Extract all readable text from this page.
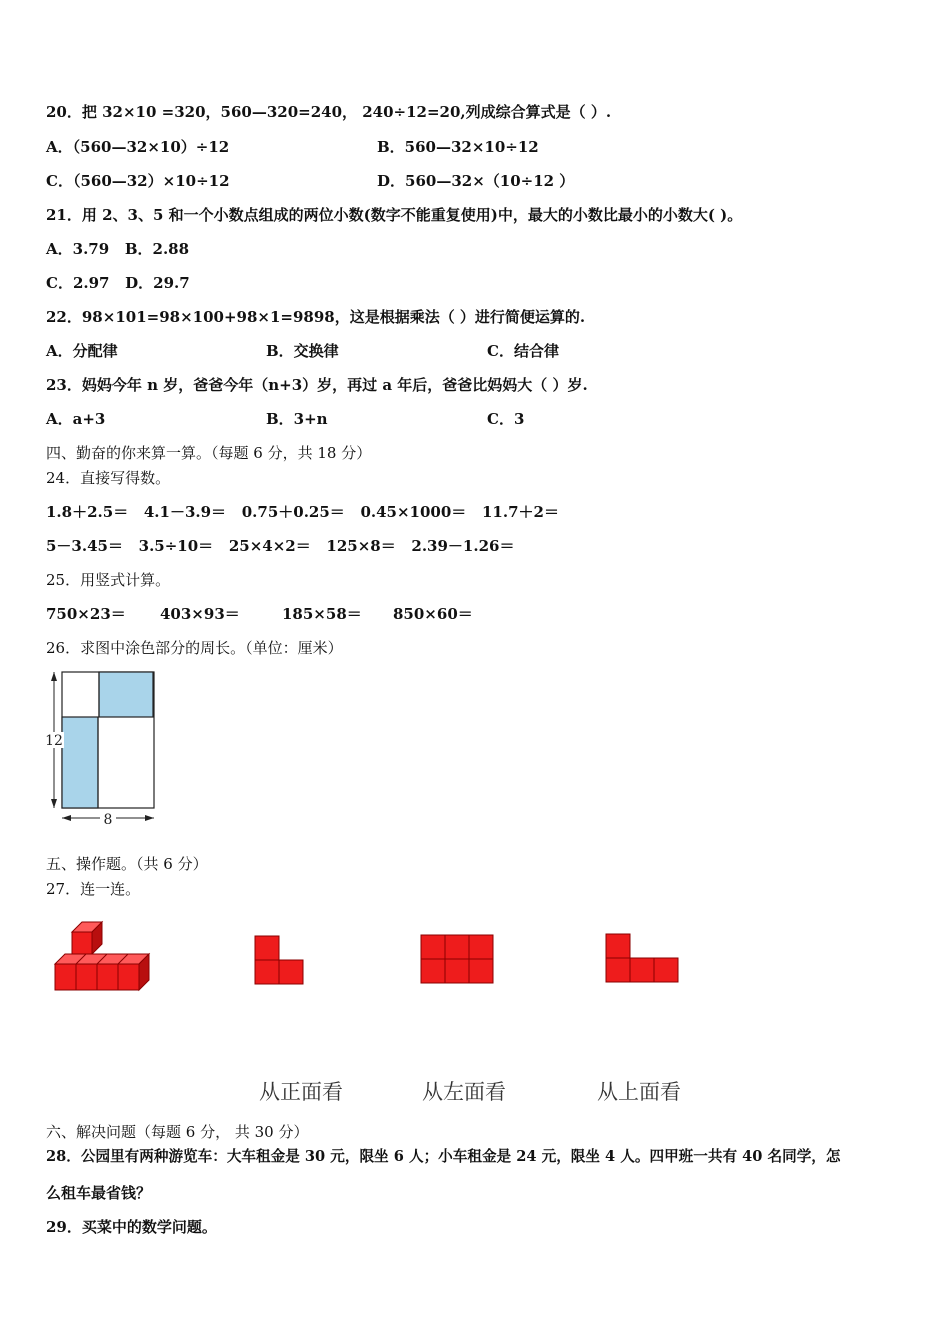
20．把 32×10 =320，560—320=240， 240÷12=20,列成综合算式是（ ）.
A．（560—32×10）÷12	B．560—32×10÷12
C．（560—32）×10÷12	D．560—32×（10÷12 ）
21．用 2、3、5 和一个小数点组成的两位小数(数字不能重复使用)中，最大的小数比最小的小数大( )。
A．3.79   B．2.88
C．2.97   D．29.7
22．98×101=98×100+98×1=9898，这是根据乘法（ ）进行简便运算的.
A．分配律	B．交换律	C．结合律
23．妈妈今年 n 岁，爸爸今年（n+3）岁，再过 a 年后，爸爸比妈妈大（ ）岁.
A．a+3	B．3+n	C．3
四、勤奋的你来算一算。（每题 6 分，共 18 分）
24．直接写得数。
1.8＋2.5＝   4.1－3.9＝   0.75＋0.25＝   0.45×1000＝   11.7＋2＝
5－3.45＝   3.5÷10＝   25×4×2＝   125×8＝   2.39－1.26＝
25．用竖式计算。
750×23＝ 403×93＝	185×58＝ 850×60＝
26．求图中涂色部分的周长。（单位：厘米）
12
8
五、操作题。（共 6 分）
27．连一连。
从正面看	从左面看	从上面看
六、解决问题（每题 6 分， 共 30 分）
28．公园里有两种游览车：大车租金是 30 元，限坐 6 人；小车租金是 24 元，限坐 4 人。四甲班一共有 40 名同学，怎
么租车最省钱？
29．买菜中的数学问题。
